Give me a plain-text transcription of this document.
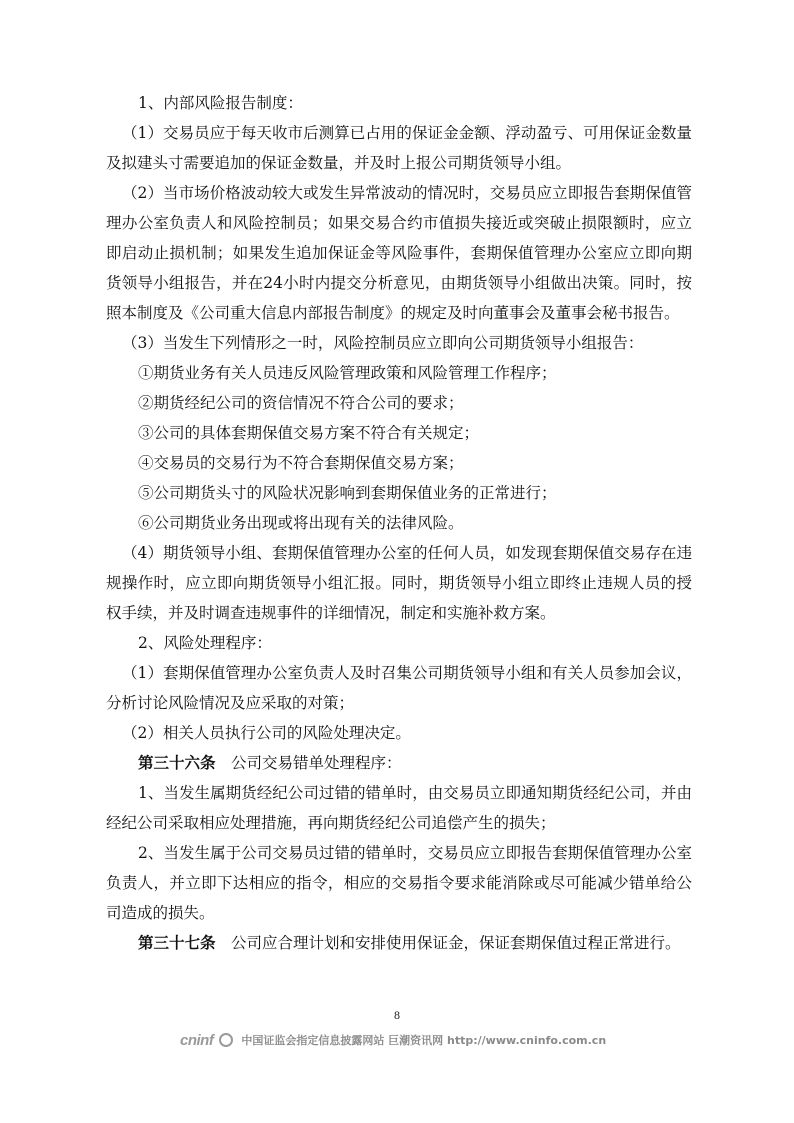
1、内部风险报告制度：

（1）交易员应于每天收市后测算已占用的保证金金额、浮动盈亏、可用保证金数量及拟建头寸需要追加的保证金数量，并及时上报公司期货领导小组。

（2）当市场价格波动较大或发生异常波动的情况时，交易员应立即报告套期保值管理办公室负责人和风险控制员；如果交易合约市值损失接近或突破止损限额时，应立即启动止损机制；如果发生追加保证金等风险事件，套期保值管理办公室应立即向期货领导小组报告，并在24小时内提交分析意见，由期货领导小组做出决策。同时，按照本制度及《公司重大信息内部报告制度》的规定及时向董事会及董事会秘书报告。

（3）当发生下列情形之一时，风险控制员应立即向公司期货领导小组报告：

①期货业务有关人员违反风险管理政策和风险管理工作程序；

②期货经纪公司的资信情况不符合公司的要求；

③公司的具体套期保值交易方案不符合有关规定；

④交易员的交易行为不符合套期保值交易方案；

⑤公司期货头寸的风险状况影响到套期保值业务的正常进行；

⑥公司期货业务出现或将出现有关的法律风险。

（4）期货领导小组、套期保值管理办公室的任何人员，如发现套期保值交易存在违规操作时，应立即向期货领导小组汇报。同时，期货领导小组立即终止违规人员的授权手续，并及时调查违规事件的详细情况，制定和实施补救方案。

2、风险处理程序：

（1）套期保值管理办公室负责人及时召集公司期货领导小组和有关人员参加会议，分析讨论风险情况及应采取的对策；

（2）相关人员执行公司的风险处理决定。

第三十六条　公司交易错单处理程序：

1、当发生属期货经纪公司过错的错单时，由交易员立即通知期货经纪公司，并由经纪公司采取相应处理措施，再向期货经纪公司追偿产生的损失；

2、当发生属于公司交易员过错的错单时，交易员应立即报告套期保值管理办公室负责人，并立即下达相应的指令，相应的交易指令要求能消除或尽可能减少错单给公司造成的损失。

第三十七条　公司应合理计划和安排使用保证金，保证套期保值过程正常进行。

8
cninf	中国证监会指定信息披露网站 巨潮资讯网 http://www.cninfo.com.cn
